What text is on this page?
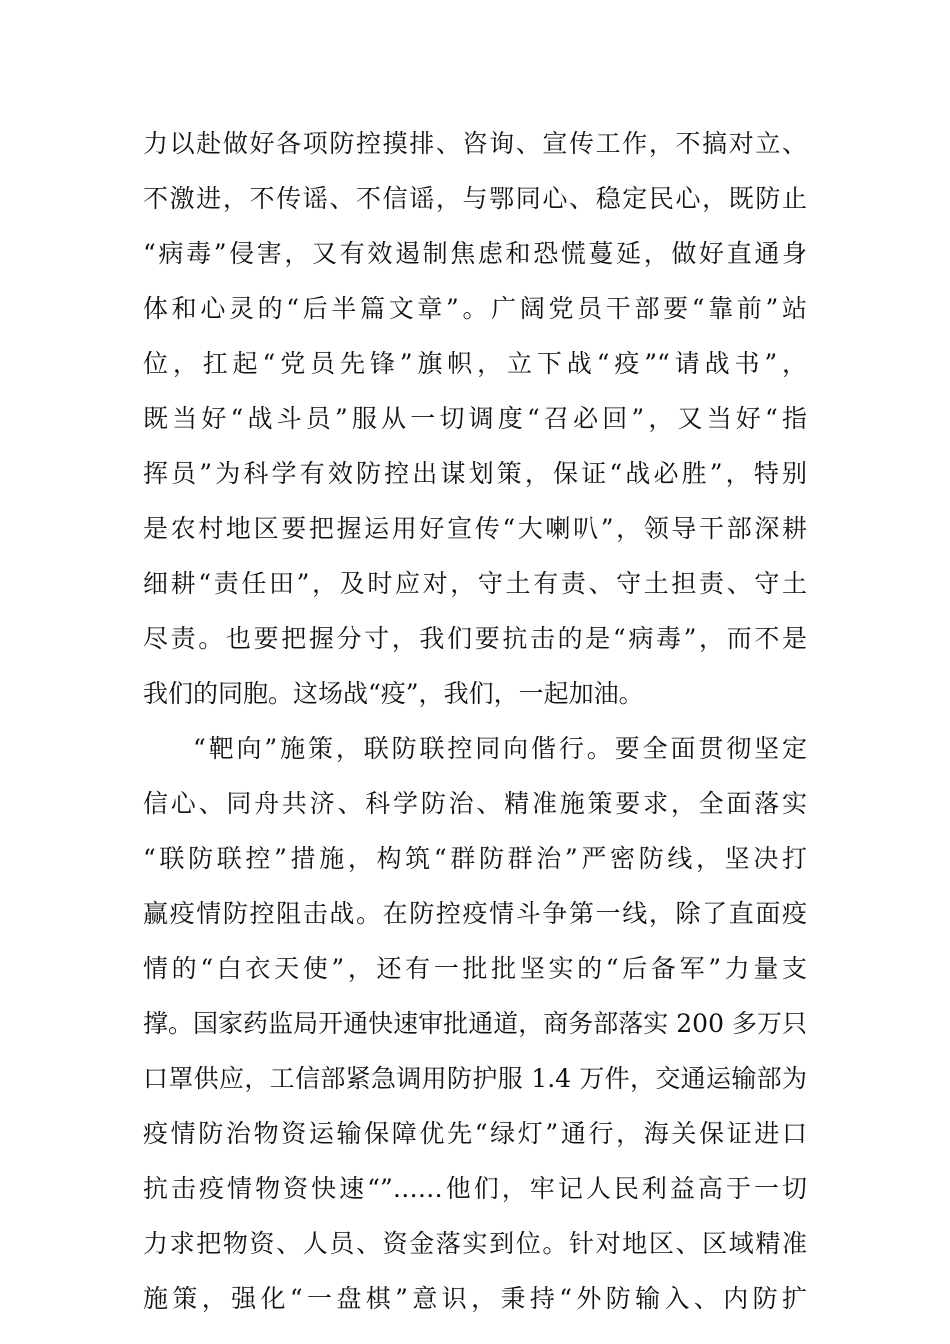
力以赴做好各项防控摸排、咨询、宣传工作，不搞对立、
不激进，不传谣、不信谣，与鄂同心、稳定民心，既防止
“病毒”侵害，又有效遏制焦虑和恐慌蔓延，做好直通身
体和心灵的“后半篇文章”。广阔党员干部要“靠前”站
位，扛起“党员先锋”旗帜，立下战“疫”“请战书”，
既当好“战斗员”服从一切调度“召必回”，又当好“指
挥员”为科学有效防控出谋划策，保证“战必胜”，特别
是农村地区要把握运用好宣传“大喇叭”，领导干部深耕
细耕“责任田”，及时应对，守土有责、守土担责、守土
尽责。也要把握分寸，我们要抗击的是“病毒”，而不是
我们的同胞。这场战“疫”，我们，一起加油。
“靶向”施策，联防联控同向偕行。要全面贯彻坚定
信心、同舟共济、科学防治、精准施策要求，全面落实
“联防联控”措施，构筑“群防群治”严密防线，坚决打
赢疫情防控阻击战。在防控疫情斗争第一线，除了直面疫
情的“白衣天使”，还有一批批坚实的“后备军”力量支
撑。国家药监局开通快速审批通道，商务部落实 200 多万只
口罩供应，工信部紧急调用防护服 1.4 万件，交通运输部为
疫情防治物资运输保障优先“绿灯”通行，海关保证进口
抗击疫情物资快速“”……他们，牢记人民利益高于一切
力求把物资、人员、资金落实到位。针对地区、区域精准
施策，强化“一盘棋”意识，秉持“外防输入、内防扩
